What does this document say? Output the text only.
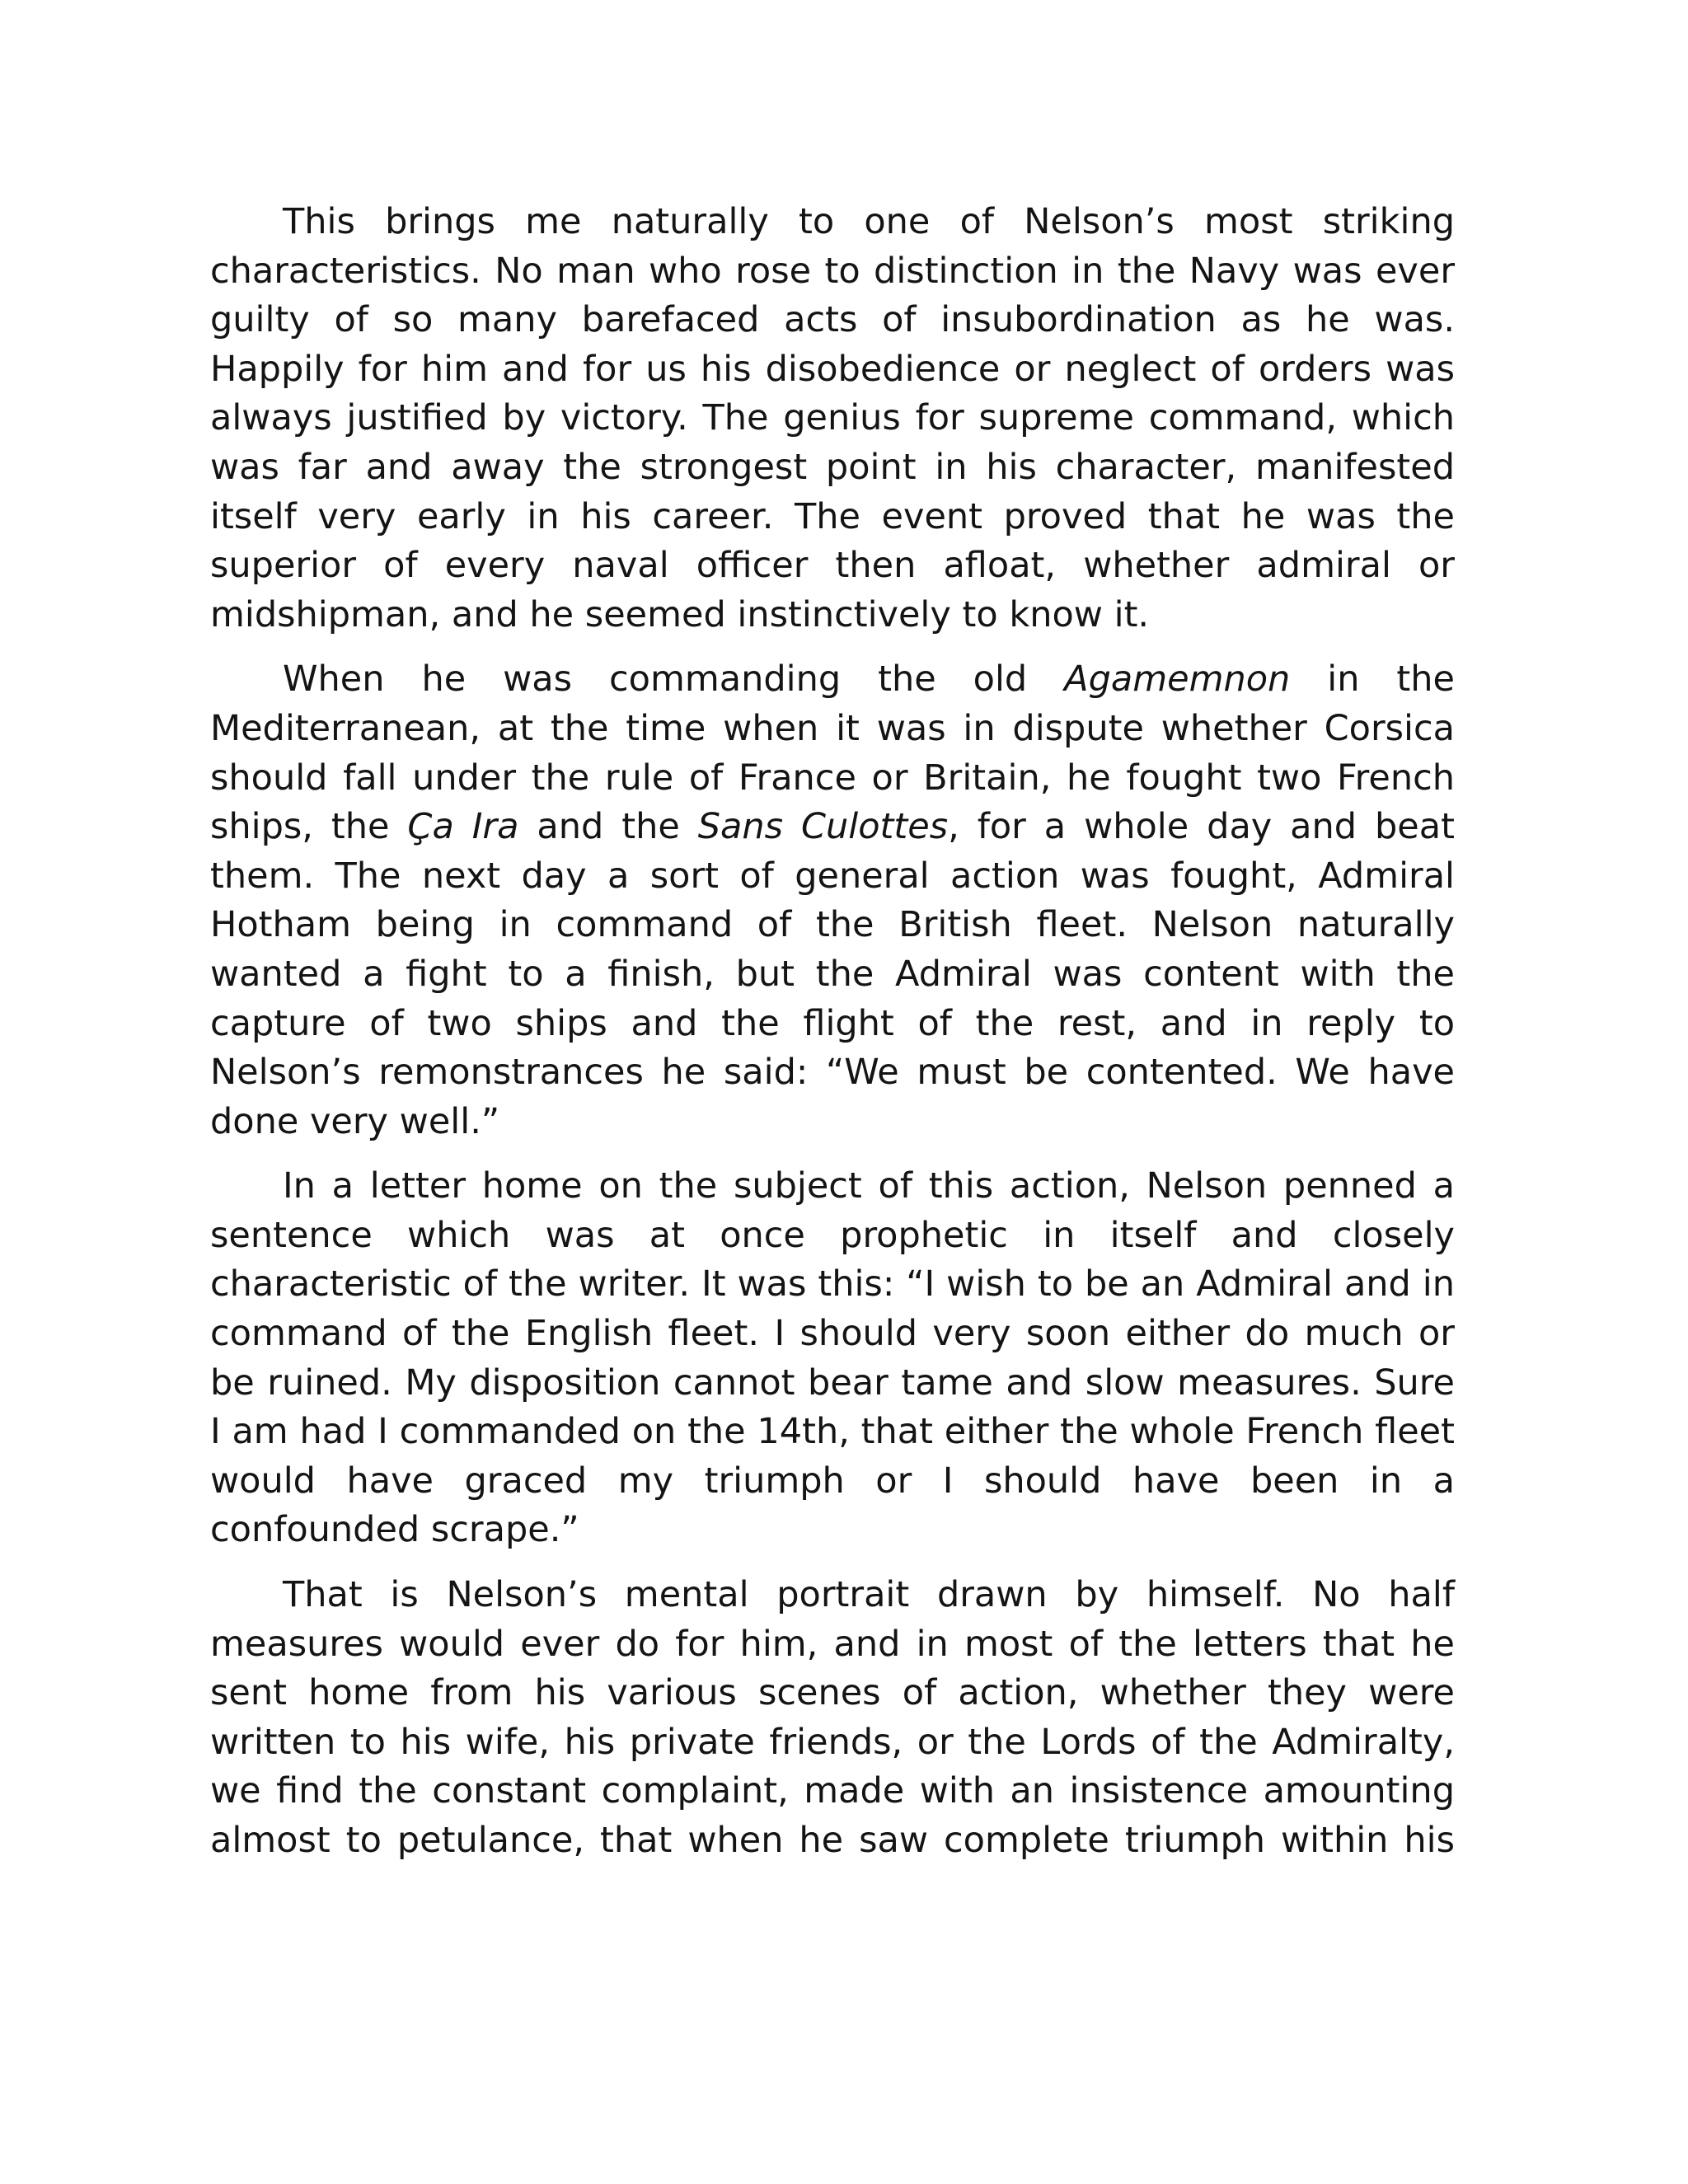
This brings me naturally to one of Nelson’s most striking characteristics. No man who rose to distinction in the Navy was ever guilty of so many barefaced acts of insubordination as he was. Happily for him and for us his disobedience or neglect of orders was always justified by victory. The genius for supreme command, which was far and away the strongest point in his character, manifested itself very early in his career. The event proved that he was the superior of every naval officer then afloat, whether admiral or midshipman, and he seemed instinctively to know it.

When he was commanding the old Agamemnon in the Mediterranean, at the time when it was in dispute whether Corsica should fall under the rule of France or Britain, he fought two French ships, the Ça Ira and the Sans Culottes, for a whole day and beat them. The next day a sort of general action was fought, Admiral Hotham being in command of the British fleet. Nelson naturally wanted a fight to a finish, but the Admiral was content with the capture of two ships and the flight of the rest, and in reply to Nelson’s remonstrances he said: “We must be contented. We have done very well.”

In a letter home on the subject of this action, Nelson penned a sentence which was at once prophetic in itself and closely characteristic of the writer. It was this: “I wish to be an Admiral and in command of the English fleet. I should very soon either do much or be ruined. My disposition cannot bear tame and slow measures. Sure I am had I commanded on the 14th, that either the whole French fleet would have graced my triumph or I should have been in a confounded scrape.”

That is Nelson’s mental portrait drawn by himself. No half measures would ever do for him, and in most of the letters that he sent home from his various scenes of action, whether they were written to his wife, his private friends, or the Lords of the Admiralty, we find the constant complaint, made with an insistence amounting almost to petulance, that when he saw complete triumph within his
